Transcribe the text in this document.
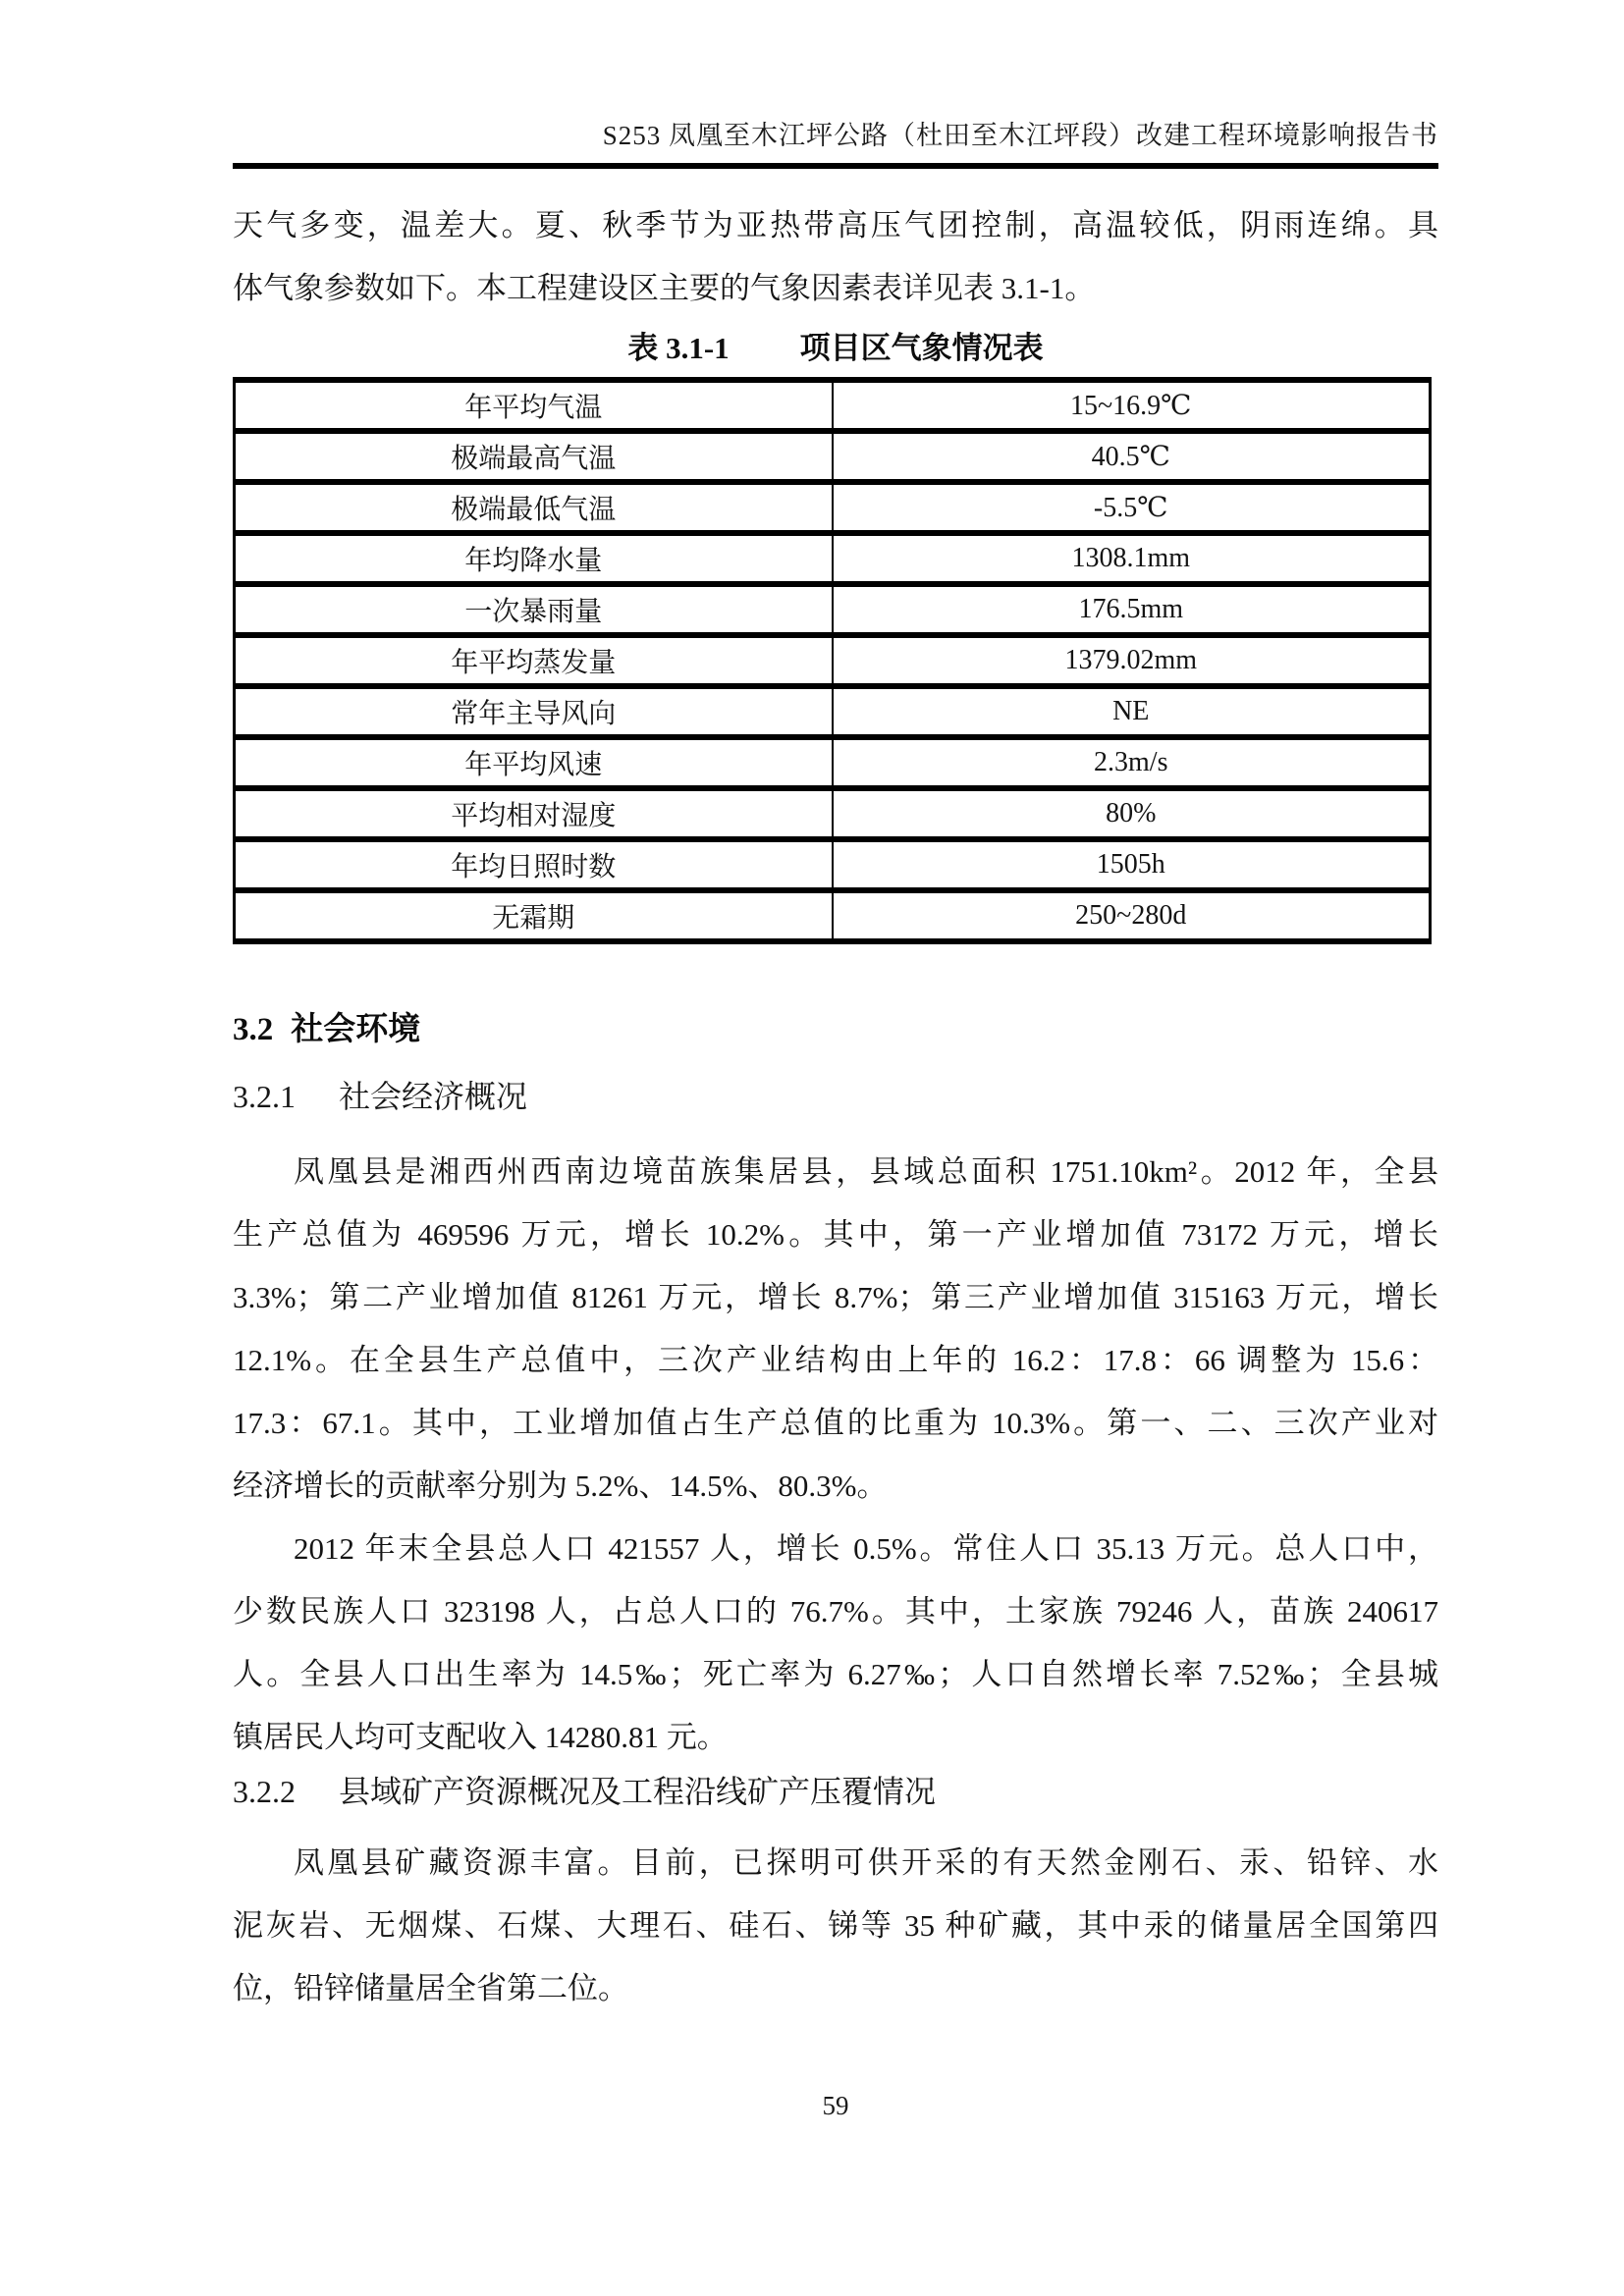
S253 凤凰至木江坪公路（杜田至木江坪段）改建工程环境影响报告书
天气多变，温差大。夏、秋季节为亚热带高压气团控制，高温较低，阴雨连绵。具
体气象参数如下。本工程建设区主要的气象因素表详见表 3.1-1。
表 3.1-1 项目区气象情况表
年平均气温	15~16.9℃
极端最高气温	40.5℃
极端最低气温	-5.5℃
年均降水量	1308.1mm
一次暴雨量	176.5mm
年平均蒸发量	1379.02mm
常年主导风向	NE
年平均风速	2.3m/s
平均相对湿度	80%
年均日照时数	1505h
无霜期	250~280d
3.2 社会环境
3.2.1 社会经济概况
凤凰县是湘西州西南边境苗族集居县，县域总面积 1751.10km²。2012 年，全县
生产总值为 469596 万元，增长 10.2%。其中，第一产业增加值 73172 万元，增长
3.3%；第二产业增加值 81261 万元，增长 8.7%；第三产业增加值 315163 万元，增长
12.1%。在全县生产总值中，三次产业结构由上年的 16.2：17.8：66 调整为 15.6：
17.3：67.1。其中，工业增加值占生产总值的比重为 10.3%。第一、二、三次产业对
经济增长的贡献率分别为 5.2%、14.5%、80.3%。
2012 年末全县总人口 421557 人，增长 0.5%。常住人口 35.13 万元。总人口中，
少数民族人口 323198 人，占总人口的 76.7%。其中，土家族 79246 人，苗族 240617
人。全县人口出生率为 14.5‰；死亡率为 6.27‰；人口自然增长率 7.52‰；全县城
镇居民人均可支配收入 14280.81 元。
3.2.2 县域矿产资源概况及工程沿线矿产压覆情况
凤凰县矿藏资源丰富。目前，已探明可供开采的有天然金刚石、汞、铅锌、水
泥灰岩、无烟煤、石煤、大理石、硅石、锑等 35 种矿藏，其中汞的储量居全国第四
位，铅锌储量居全省第二位。
59
